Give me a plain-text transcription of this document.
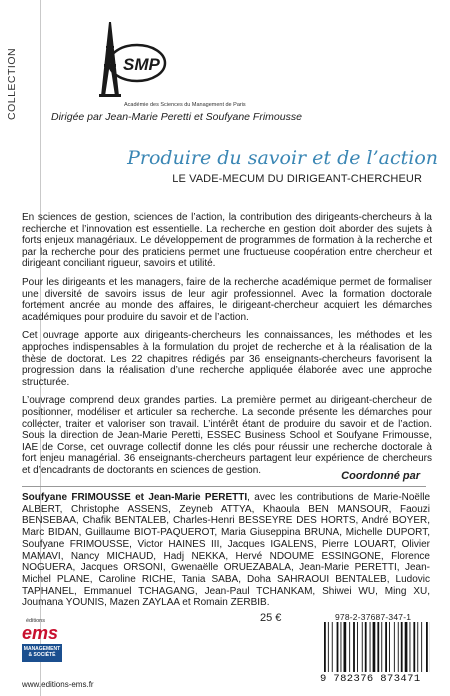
COLLECTION	SMP
Académie des Sciences du Management de Paris
Dirigée par Jean-Marie Peretti et Soufyane Frimousse
Produire du savoir et de l’action
LE VADE-MECUM DU DIRIGEANT-CHERCHEUR

En sciences de gestion, sciences de l’action, la contribution des dirigeants-chercheurs à la recherche et l’innovation est essentielle. La recherche en gestion doit aborder des sujets à forts enjeux managériaux. Le développement de programmes de formation à la recherche et par la recherche pour des praticiens permet une fructueuse coopération entre chercheur et dirigeant conciliant rigueur, savoirs et utilité.

Pour les dirigeants et les managers, faire de la recherche académique permet de formaliser une diversité de savoirs issus de leur agir professionnel. Avec la formation doctorale fortement ancrée au monde des affaires, le dirigeant-chercheur acquiert les démarches académiques pour produire du savoir et de l’action.

Cet ouvrage apporte aux dirigeants-chercheurs les connaissances, les méthodes et les approches indispensables à la formulation du projet de recherche et à la réalisation de la thèse de doctorat. Les 22 chapitres rédigés par 36 enseignants-chercheurs favorisent la progression dans la réalisation d’une recherche appliquée élaborée avec une approche structurée.

L’ouvrage comprend deux grandes parties. La première permet au dirigeant-chercheur de positionner, modéliser et articuler sa recherche. La seconde présente les démarches pour collecter, traiter et valoriser son travail. L’intérêt étant de produire du savoir et de l’action. Sous la direction de Jean-Marie Peretti, ESSEC Business School et Soufyane Frimousse, IAE de Corse, cet ouvrage collectif donne les clés pour réussir une recherche doctorale à fort enjeu managérial. 36 enseignants-chercheurs partagent leur expérience de chercheurs et d’encadrants de doctorants en sciences de gestion.	Coordonné par
Soufyane FRIMOUSSE et Jean-Marie PERETTI, avec les contributions de Marie-Noëlle ALBERT, Christophe ASSENS, Zeyneb ATTYA, Khaoula BEN MANSOUR, Faouzi BENSEBAA, Chafik BENTALEB, Charles-Henri BESSEYRE DES HORTS, André BOYER, Marc BIDAN, Guillaume BIOT-PAQUEROT, Maria Giuseppina BRUNA, Michelle DUPORT, Soufyane FRIMOUSSE, Victor HAINES III, Jacques IGALENS, Pierre LOUART, Olivier MAMAVI, Nancy MICHAUD, Hadj NEKKA, Hervé NDOUME ESSINGONE, Florence NOGUERA, Jacques ORSONI, Gwenaëlle ORUEZABALA, Jean-Marie PERETTI, Jean-Michel PLANE, Caroline RICHE, Tania SABA, Doha SAHRAOUI BENTALEB, Ludovic TAPHANEL, Emmanuel TCHAGANG, Jean-Paul TCHANKAM, Shiwei WU, Ming XU, Joumana YOUNIS, Mazen ZAYLAA et Romain ZERBIB.
éditions
ems
MANAGEMENT & SOCIÉTÉ
www.editions-ems.fr
25 €	978-2-37687-347-1
9 782376 873471
